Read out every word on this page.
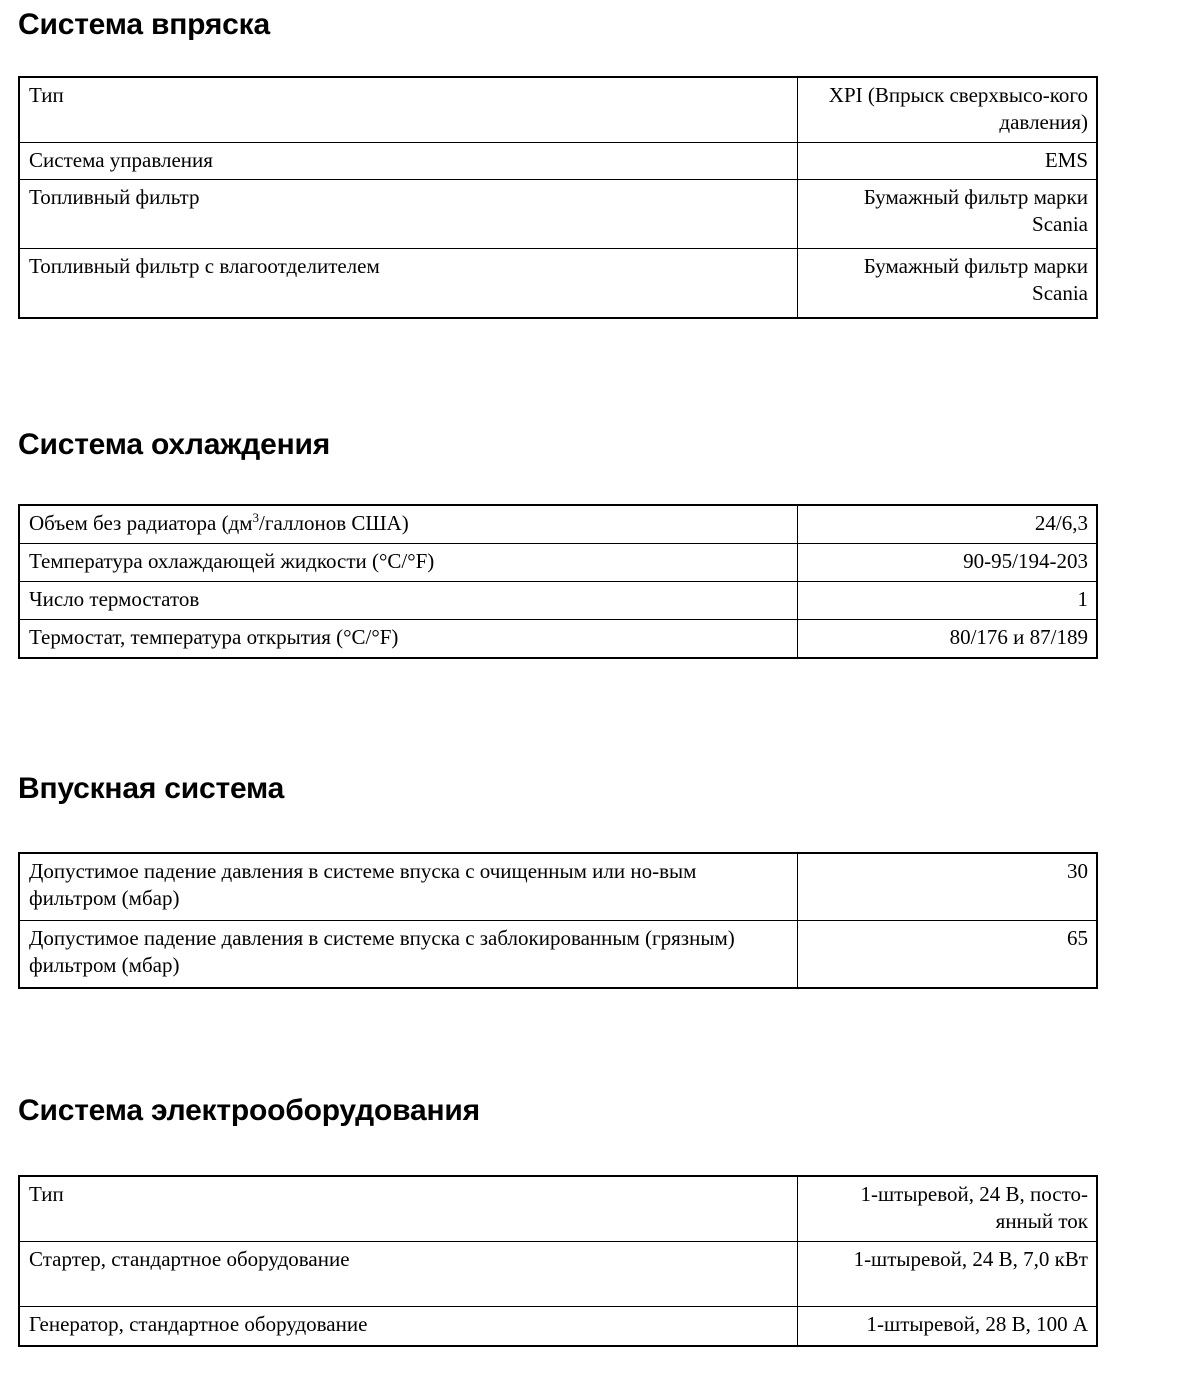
Система впряска
Тип	XPI (Впрыск сверхвысо-кого давления)
Система управления	EMS
Топливный фильтр	Бумажный фильтр марки Scania
Топливный фильтр с влагоотделителем	Бумажный фильтр марки Scania
Система охлаждения
Объем без радиатора ($дм^3$/галлонов США)	24/6,3
Температура охлаждающей жидкости (°C/°F)	90-95/194-203
Число термостатов	1
Термостат, температура открытия (°C/°F)	80/176 и 87/189
Впускная система
Допустимое падение давления в системе впуска с очищенным или но-вым фильтром (мбар)	30
Допустимое падение давления в системе впуска с заблокированным (грязным) фильтром (мбар)	65
Система электрооборудования
Тип	1-штыревой, 24 В, посто-янный ток
Стартер, стандартное оборудование	1-штыревой, 24 В, 7,0 кВт
Генератор, стандартное оборудование	1-штыревой, 28 В, 100 А
